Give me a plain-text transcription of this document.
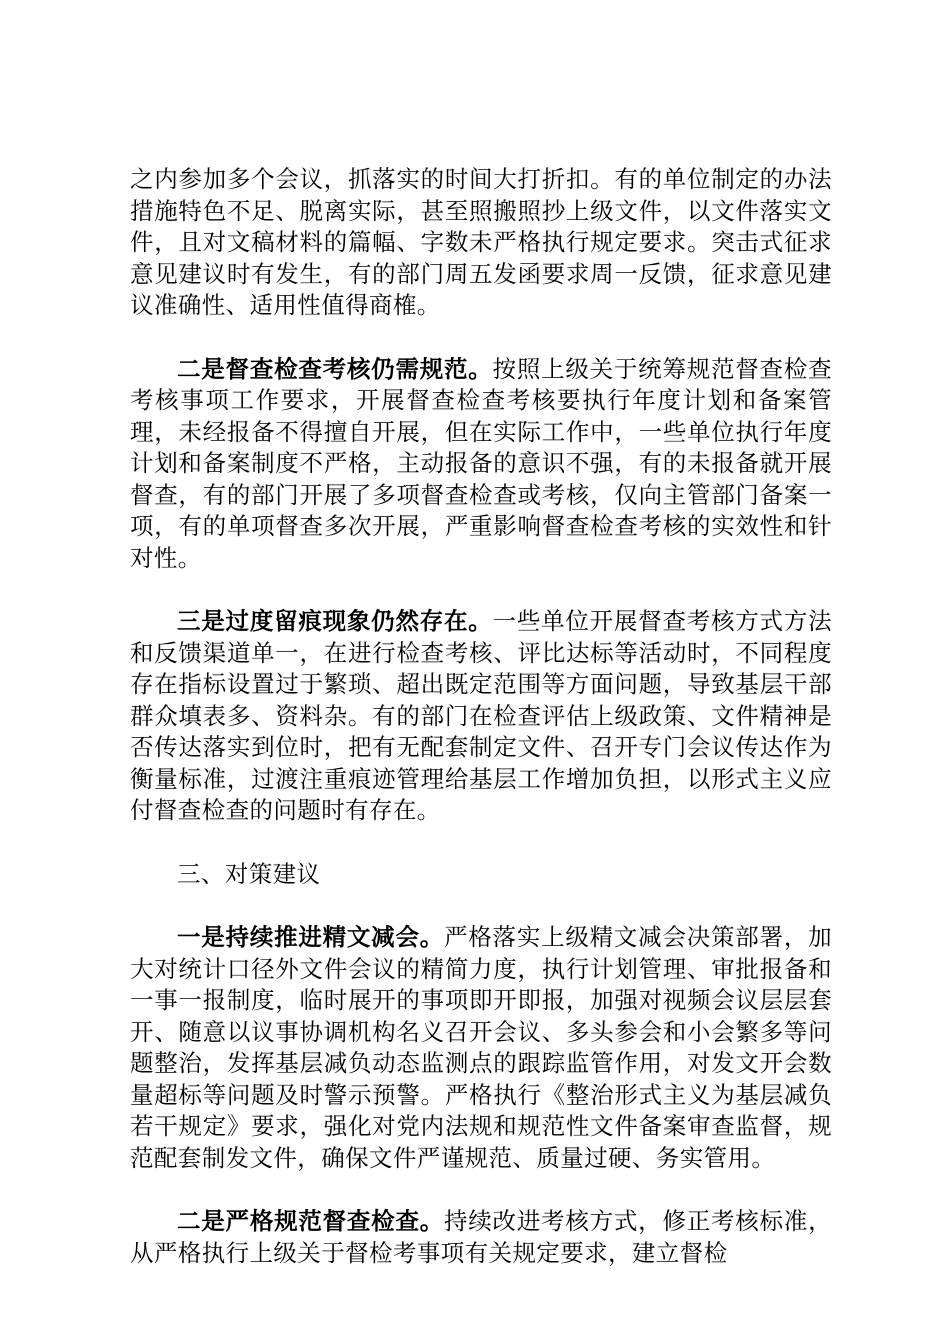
之内参加多个会议，抓落实的时间大打折扣。有的单位制定的办法措施特色不足、脱离实际，甚至照搬照抄上级文件，以文件落实文件，且对文稿材料的篇幅、字数未严格执行规定要求。突击式征求意见建议时有发生，有的部门周五发函要求周一反馈，征求意见建议准确性、适用性值得商榷。

二是督查检查考核仍需规范。按照上级关于统筹规范督查检查考核事项工作要求，开展督查检查考核要执行年度计划和备案管理，未经报备不得擅自开展，但在实际工作中，一些单位执行年度计划和备案制度不严格，主动报备的意识不强，有的未报备就开展督查，有的部门开展了多项督查检查或考核，仅向主管部门备案一项，有的单项督查多次开展，严重影响督查检查考核的实效性和针对性。

三是过度留痕现象仍然存在。一些单位开展督查考核方式方法和反馈渠道单一，在进行检查考核、评比达标等活动时，不同程度存在指标设置过于繁琐、超出既定范围等方面问题，导致基层干部群众填表多、资料杂。有的部门在检查评估上级政策、文件精神是否传达落实到位时，把有无配套制定文件、召开专门会议传达作为衡量标准，过渡注重痕迹管理给基层工作增加负担，以形式主义应付督查检查的问题时有存在。

三、对策建议

一是持续推进精文减会。严格落实上级精文减会决策部署，加大对统计口径外文件会议的精简力度，执行计划管理、审批报备和一事一报制度，临时展开的事项即开即报，加强对视频会议层层套开、随意以议事协调机构名义召开会议、多头参会和小会繁多等问题整治，发挥基层减负动态监测点的跟踪监管作用，对发文开会数量超标等问题及时警示预警。严格执行《整治形式主义为基层减负若干规定》要求，强化对党内法规和规范性文件备案审查监督，规范配套制发文件，确保文件严谨规范、质量过硬、务实管用。

二是严格规范督查检查。持续改进考核方式，修正考核标准，从严格执行上级关于督检考事项有关规定要求，建立督检
